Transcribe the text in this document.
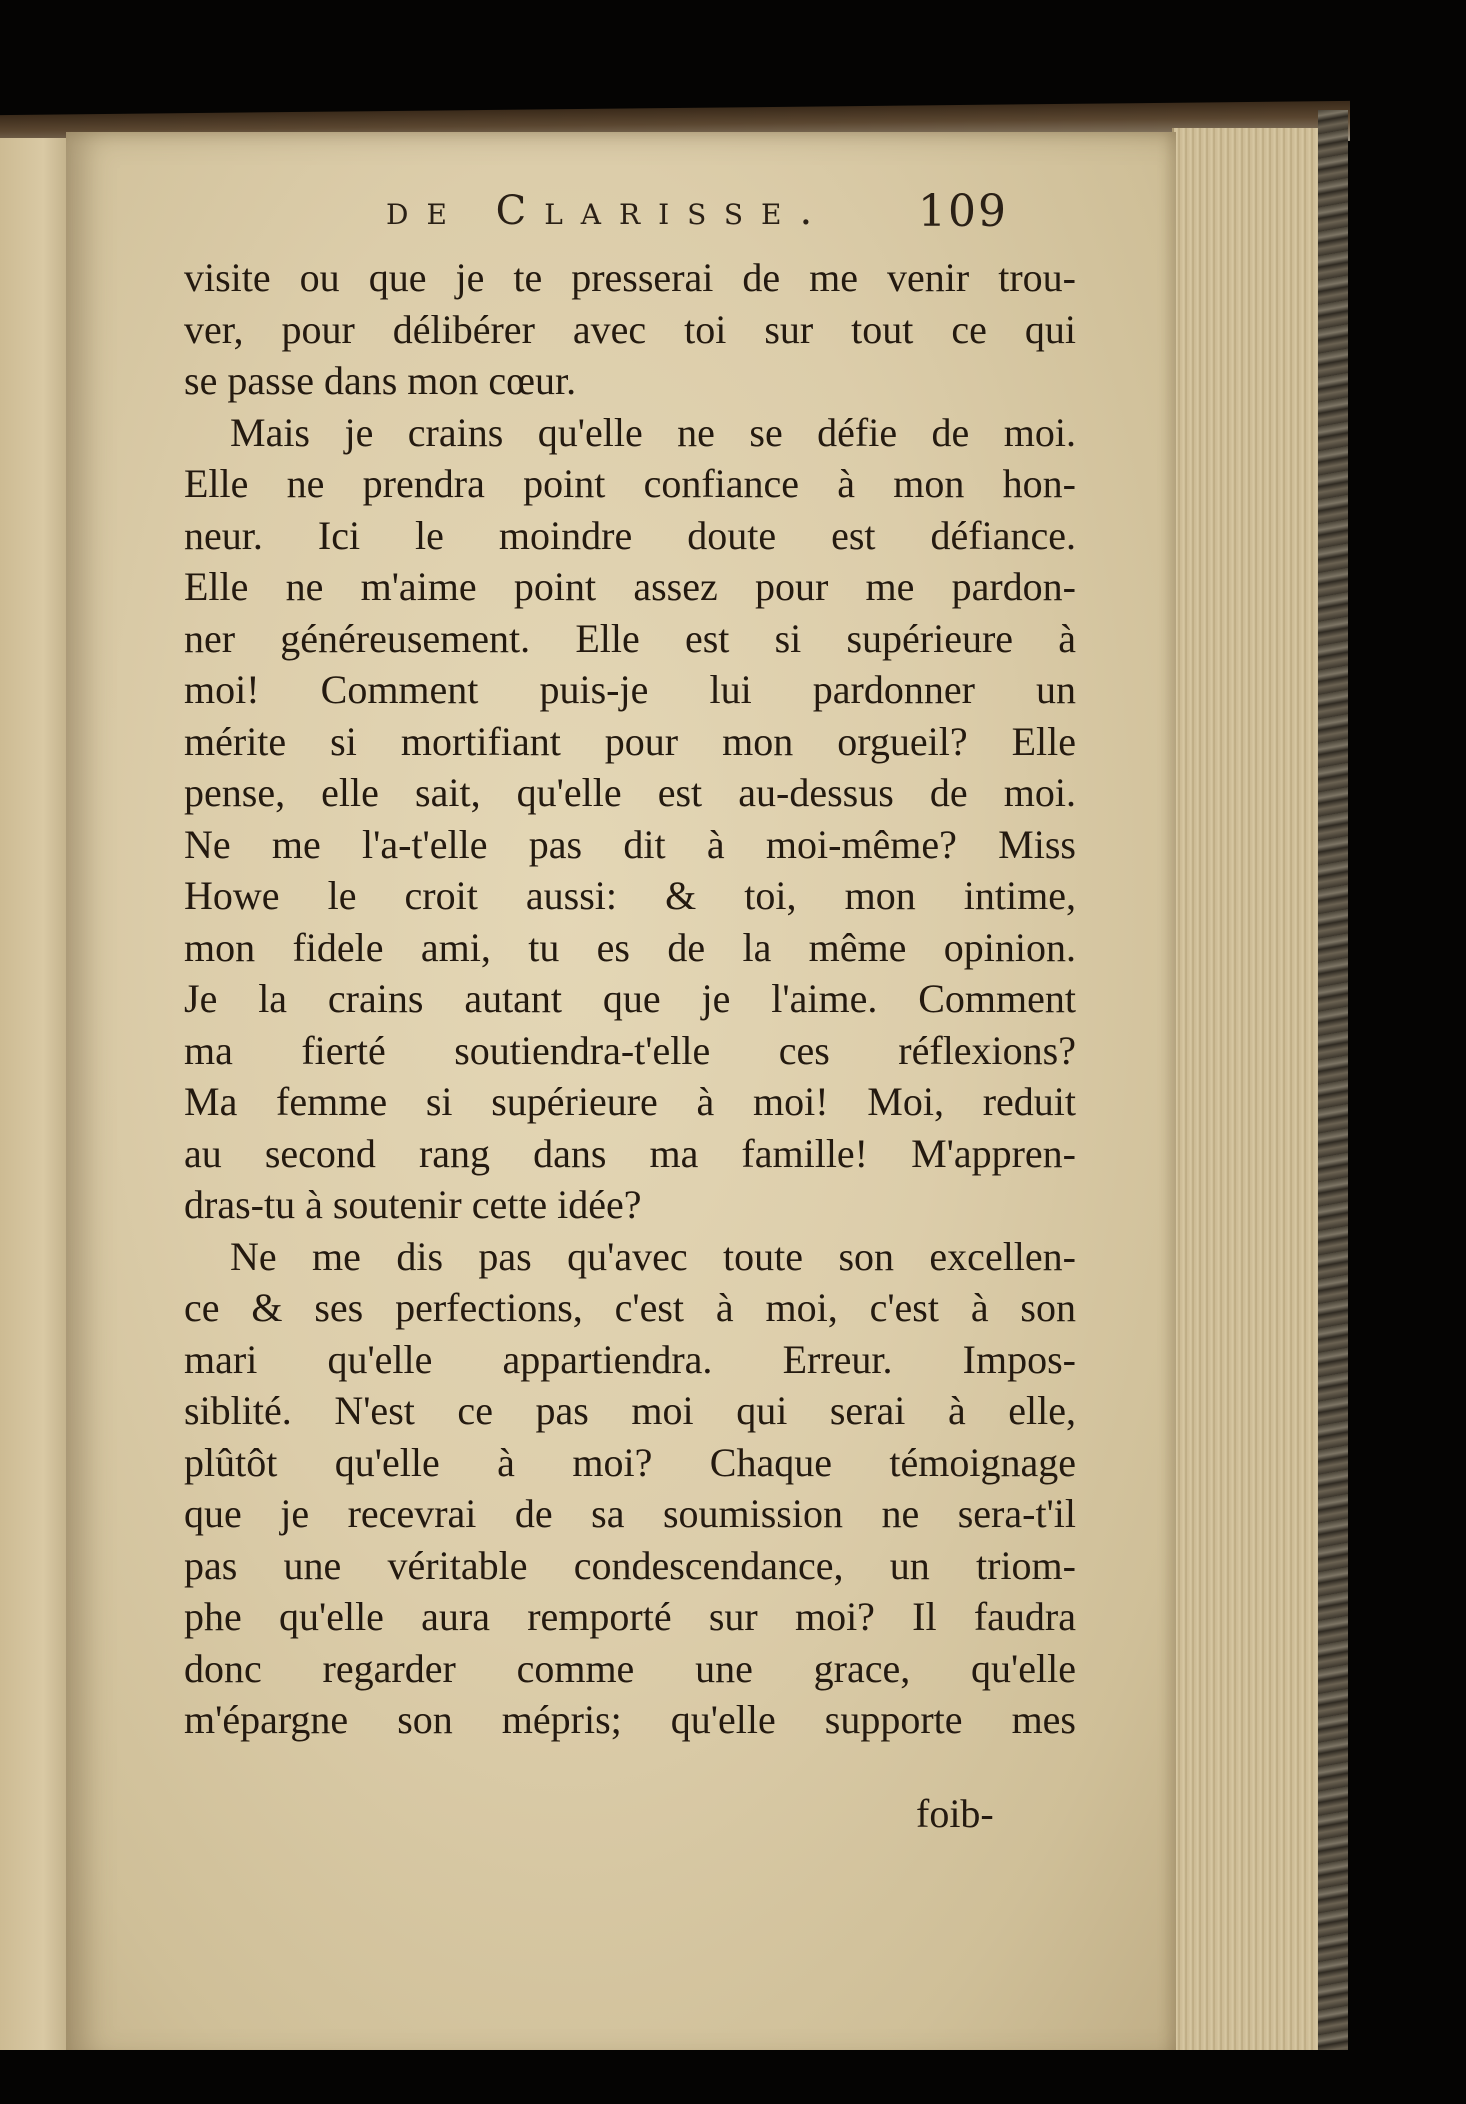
de Clarisse. 109
visite ou que je te presserai de me venir trou-
ver, pour délibérer avec toi sur tout ce qui
se passe dans mon cœur.
Mais je crains qu'elle ne se défie de moi.
Elle ne prendra point confiance à mon hon-
neur. Ici le moindre doute est défiance.
Elle ne m'aime point assez pour me pardon-
ner généreusement. Elle est si supérieure à
moi! Comment puis-je lui pardonner un
mérite si mortifiant pour mon orgueil? Elle
pense, elle sait, qu'elle est au-dessus de moi.
Ne me l'a-t'elle pas dit à moi-même? Miss
Howe le croit aussi: & toi, mon intime,
mon fidele ami, tu es de la même opinion.
Je la crains autant que je l'aime. Comment
ma fierté soutiendra-t'elle ces réflexions?
Ma femme si supérieure à moi! Moi, reduit
au second rang dans ma famille! M'appren-
dras-tu à soutenir cette idée?
Ne me dis pas qu'avec toute son excellen-
ce & ses perfections, c'est à moi, c'est à son
mari qu'elle appartiendra. Erreur. Impos-
siblité. N'est ce pas moi qui serai à elle,
plûtôt qu'elle à moi? Chaque témoignage
que je recevrai de sa soumission ne sera-t'il
pas une véritable condescendance, un triom-
phe qu'elle aura remporté sur moi? Il faudra
donc regarder comme une grace, qu'elle
m'épargne son mépris; qu'elle supporte mes
foib-
